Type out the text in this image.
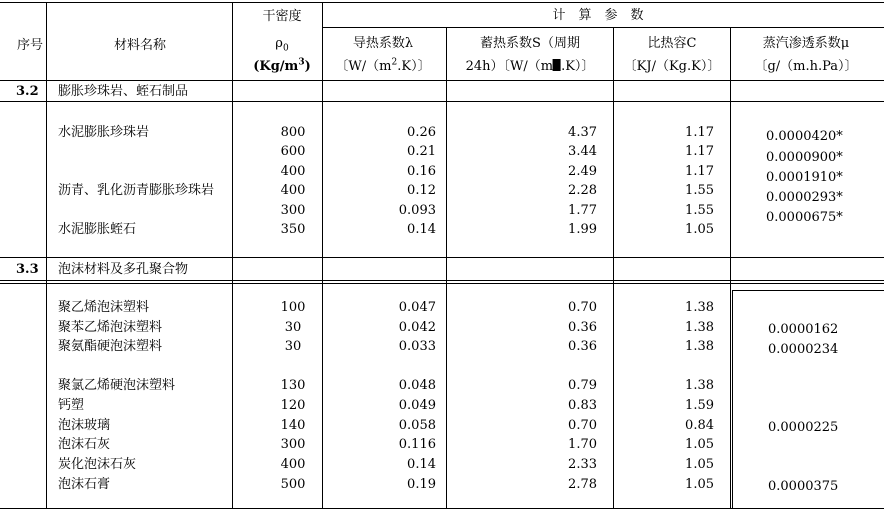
序号	材料名称
干密度
$\rho_0$
$(Kg/m^3)$
计　算　参　数
导热系数λ
〔$W/(m^2.K)$〕
蓄热系数S（周期
24h）〔W/（m .K）〕
比热容C
〔KJ/（Kg.K）〕
蒸汽渗透系数μ
〔g/（m.h.Pa）〕
3.2 膨胀珍珠岩、蛭石制品
水泥膨胀珍珠岩
沥青、乳化沥青膨胀珍珠岩
水泥膨胀蛭石
800
600
400
400
300
350
0.26
0.21
0.16
0.12
0.093
0.14
4.37
3.44
2.49
2.28
1.77
1.99
1.17
1.17
1.17
1.55
1.55
1.05
0.0000420*
0.0000900*
0.0001910*
0.0000293*
0.0000675*
3.3 泡沫材料及多孔聚合物
聚乙烯泡沫塑料
聚苯乙烯泡沫塑料
聚氨酯硬泡沫塑料
聚氯乙烯硬泡沫塑料
钙塑
泡沫玻璃
泡沫石灰
炭化泡沫石灰
泡沫石膏
100
30
30
130
120
140
300
400
500
0.047
0.042
0.033
0.048
0.049
0.058
0.116
0.14
0.19
0.70
0.36
0.36
0.79
0.83
0.70
1.70
2.33
2.78
1.38
1.38
1.38
1.38
1.59
0.84
1.05
1.05
1.05
0.0000162
0.0000234
0.0000225
0.0000375
